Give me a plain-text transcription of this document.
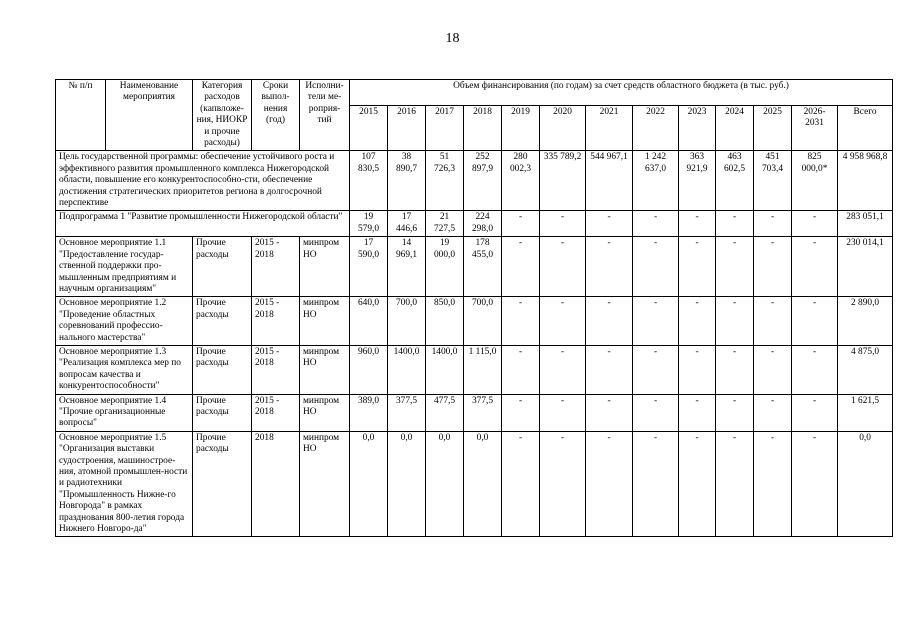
18
№ п/п	Наименование мероприятия	Категория расходов (капвложе-ния, НИОКР и прочие расходы)	Сроки выпол-нения (год)	Исполни-тели ме-роприя-тий	Объем финансирования (по годам) за счет средств областного бюджета (в тыс. руб.)												
					2015	2016	2017	2018	2019	2020	2021	2022	2023	2024	2025	2026-2031	Всего
Цель государственной программы: обеспечение устойчивого роста и эффективного развития промышленного комплекса Нижегородской области, повышение его конкурентоспособно-сти, обеспечение достижения стратегических приоритетов региона в долгосрочной перспективе					107 830,5	38 890,7	51 726,3	252 897,9	280 002,3	335 789,2	544 967,1	1 242 637,0	363 921,9	463 602,5	451 703,4	825 000,0*	4 958 968,8
Подпрограмма 1 "Развитие промышленности Нижегородской области"					19 579,0	17 446,6	21 727,5	224 298,0	-	-	-	-	-	-	-	-	283 051,1
Основное мероприятие 1.1 "Предоставление государ-ственной поддержки про-мышленным предприятиям и научным организациям"		Прочие расходы	2015 - 2018	минпром НО	17 590,0	14 969,1	19 000,0	178 455,0	-	-	-	-	-	-	-	-	230 014,1
Основное мероприятие 1.2 "Проведение областных соревнований профессио-нального мастерства"		Прочие расходы	2015 - 2018	минпром НО	640,0	700,0	850,0	700,0	-	-	-	-	-	-	-	-	2 890,0
Основное мероприятие 1.3 "Реализация комплекса мер по вопросам качества и конкурентоспособности"		Прочие расходы	2015 - 2018	минпром НО	960,0	1400,0	1400,0	1 115,0	-	-	-	-	-	-	-	-	4 875,0
Основное мероприятие 1.4 "Прочие организационные вопросы"		Прочие расходы	2015 - 2018	минпром НО	389,0	377,5	477,5	377,5	-	-	-	-	-	-	-	-	1 621,5
Основное мероприятие 1.5 "Организация выставки судостроения, машинострое-ния, атомной промышлен-ности и радиотехники "Промышленность Нижне-го Новгорода" в рамках празднования 800-летия города Нижнего Новгоро-да"		Прочие расходы	2018	минпром НО	0,0	0,0	0,0	0,0	-	-	-	-	-	-	-	-	0,0
